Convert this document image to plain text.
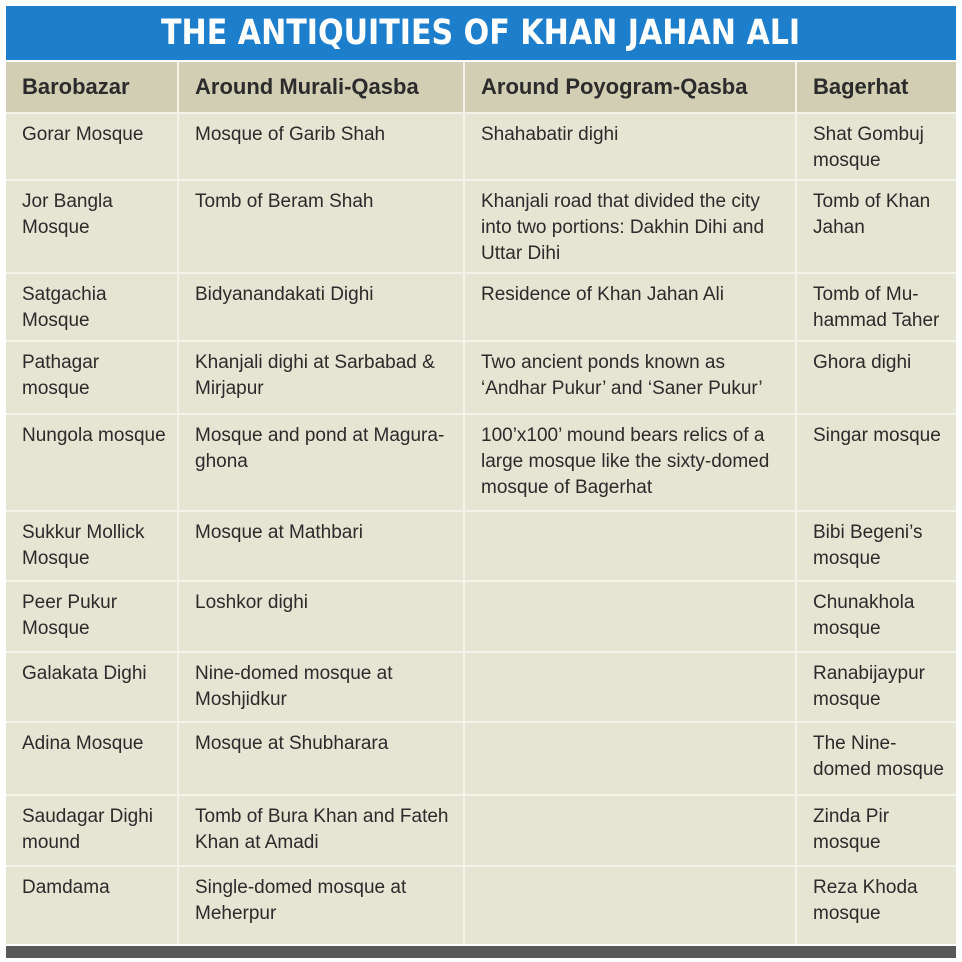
THE ANTIQUITIES OF KHAN JAHAN ALI
Barobazar	Around Murali-Qasba	Around Poyogram-Qasba	Bagerhat
Gorar Mosque	Mosque of Garib Shah	Shahabatir dighi	Shat Gombuj mosque
Jor Bangla Mosque	Tomb of Beram Shah	Khanjali road that divided the city into two portions: Dakhin Dihi and Uttar Dihi	Tomb of Khan Jahan
Satgachia Mosque	Bidyanandakati Dighi	Residence of Khan Jahan Ali	Tomb of Mu-hammad Taher
Pathagar mosque	Khanjali dighi at Sarbabad & Mirjapur	Two ancient ponds known as ‘Andhar Pukur’ and ‘Saner Pukur’	Ghora dighi
Nungola mosque	Mosque and pond at Magura-ghona	100’x100’ mound bears relics of a large mosque like the sixty-domed mosque of Bagerhat	Singar mosque
Sukkur Mollick Mosque	Mosque at Mathbari		Bibi Begeni’s mosque
Peer Pukur Mosque	Loshkor dighi		Chunakhola mosque
Galakata Dighi	Nine-domed mosque at Moshjidkur		Ranabijaypur mosque
Adina Mosque	Mosque at Shubharara		The Nine-domed mosque
Saudagar Dighi mound	Tomb of Bura Khan and Fateh Khan at Amadi		Zinda Pir mosque
Damdama	Single-domed mosque at Meherpur		Reza Khoda mosque
